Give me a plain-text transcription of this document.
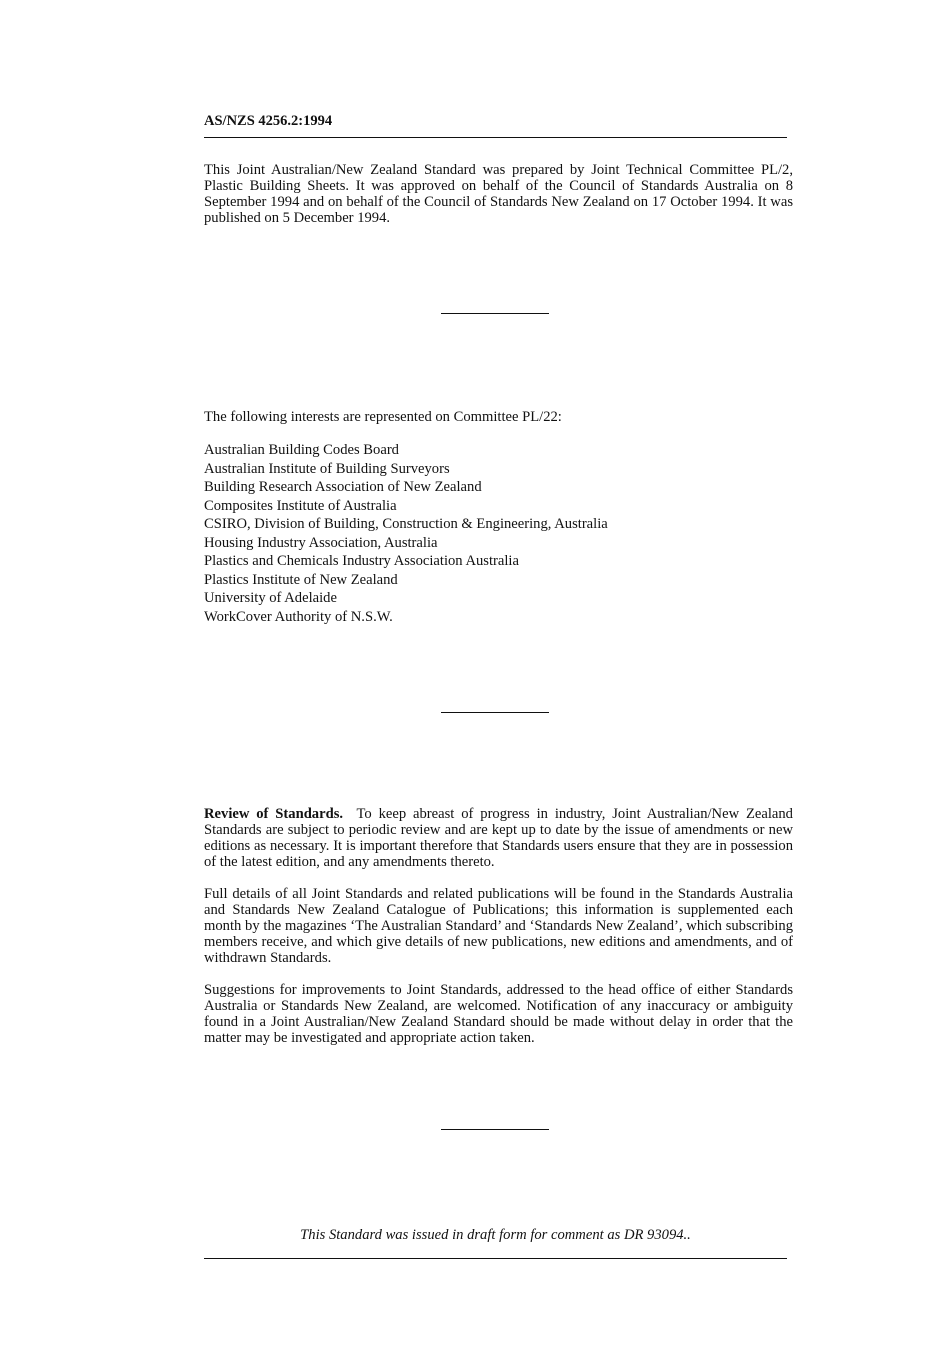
AS/NZS 4256.2:1994

This Joint Australian/New Zealand Standard was prepared by Joint Technical Committee PL/2, Plastic Building Sheets. It was approved on behalf of the Council of Standards Australia on 8 September 1994 and on behalf of the Council of Standards New Zealand on 17 October 1994. It was published on 5 December 1994.

The following interests are represented on Committee PL/22:

Australian Building Codes Board
Australian Institute of Building Surveyors
Building Research Association of New Zealand
Composites Institute of Australia
CSIRO, Division of Building, Construction & Engineering, Australia
Housing Industry Association, Australia
Plastics and Chemicals Industry Association Australia
Plastics Institute of New Zealand
University of Adelaide
WorkCover Authority of N.S.W.

Review of Standards. To keep abreast of progress in industry, Joint Australian/New Zealand Standards are subject to periodic review and are kept up to date by the issue of amendments or new editions as necessary. It is important therefore that Standards users ensure that they are in possession of the latest edition, and any amendments thereto.

Full details of all Joint Standards and related publications will be found in the Standards Australia and Standards New Zealand Catalogue of Publications; this information is supplemented each month by the magazines ‘The Australian Standard’ and ‘Standards New Zealand’, which subscribing members receive, and which give details of new publications, new editions and amendments, and of withdrawn Standards.

Suggestions for improvements to Joint Standards, addressed to the head office of either Standards Australia or Standards New Zealand, are welcomed. Notification of any inaccuracy or ambiguity found in a Joint Australian/New Zealand Standard should be made without delay in order that the matter may be investigated and appropriate action taken.

This Standard was issued in draft form for comment as DR 93094..
